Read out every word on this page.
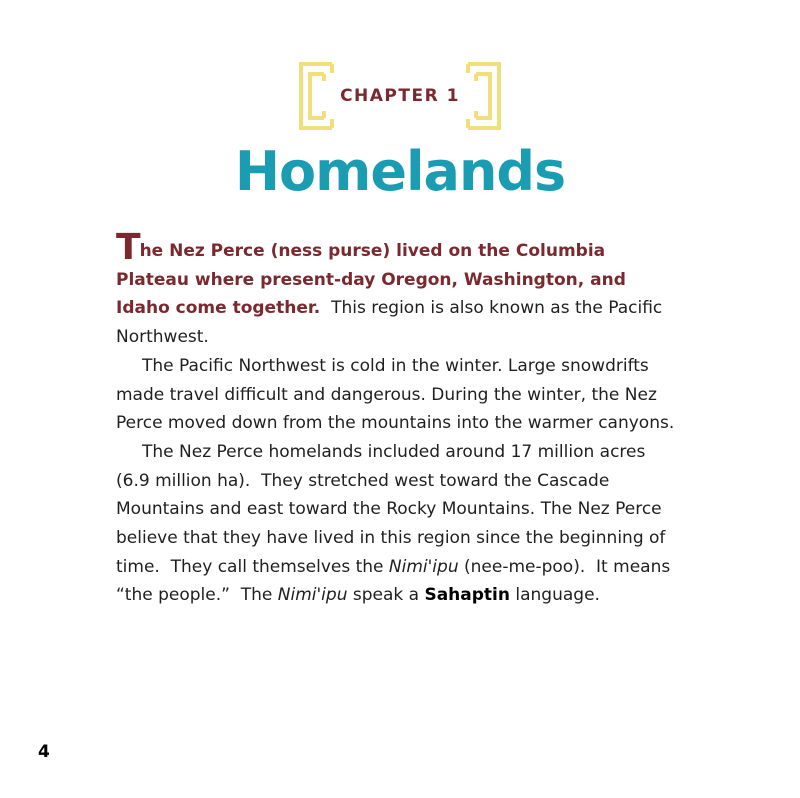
CHAPTER 1
Homelands

The Nez Perce (ness purse) lived on the Columbia Plateau where present-day Oregon, Washington, and Idaho come together.  This region is also known as the Pacific Northwest.

The Pacific Northwest is cold in the winter. Large snowdrifts made travel difficult and dangerous. During the winter, the Nez Perce moved down from the mountains into the warmer canyons.

The Nez Perce homelands included around 17 million acres (6.9 million ha).  They stretched west toward the Cascade Mountains and east toward the Rocky Mountains. The Nez Perce believe that they have lived in this region since the beginning of time.  They call themselves the Nimi'ipu (nee-me-poo).  It means “the people.”  The Nimi'ipu speak a Sahaptin language.

4
